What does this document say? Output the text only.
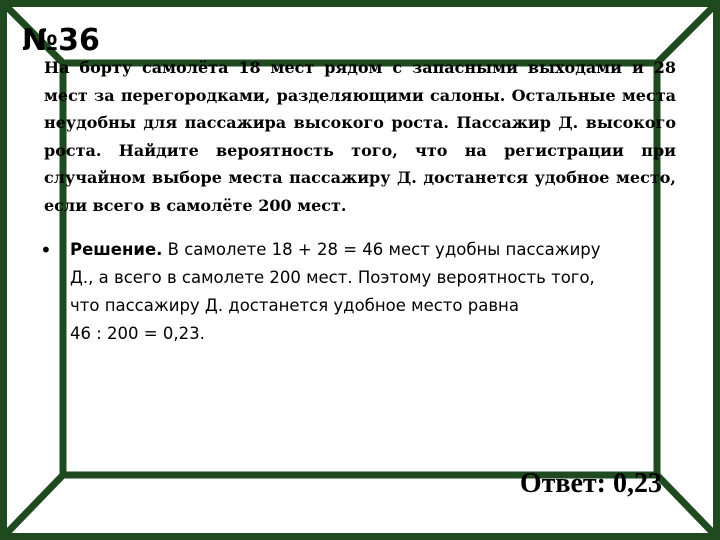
На борту самолёта 18 мест рядом с запасными выходами и 28 мест за перегородками, разделяющими салоны. Остальные места неудобны для пассажира высокого роста. Пассажир Д. высокого роста. Найдите вероятность того, что на регистрации при случайном выборе места пассажиру Д. достанется удобное место, если всего в самолёте 200 мест.
№36
• Решение. В самолете 18 + 28 = 46 мест удобны пассажиру
Д., а всего в самолете 200 мест. Поэтому вероятность того,
что пассажиру Д. достанется удобное место равна
46 : 200 = 0,23.
Ответ: 0,23
